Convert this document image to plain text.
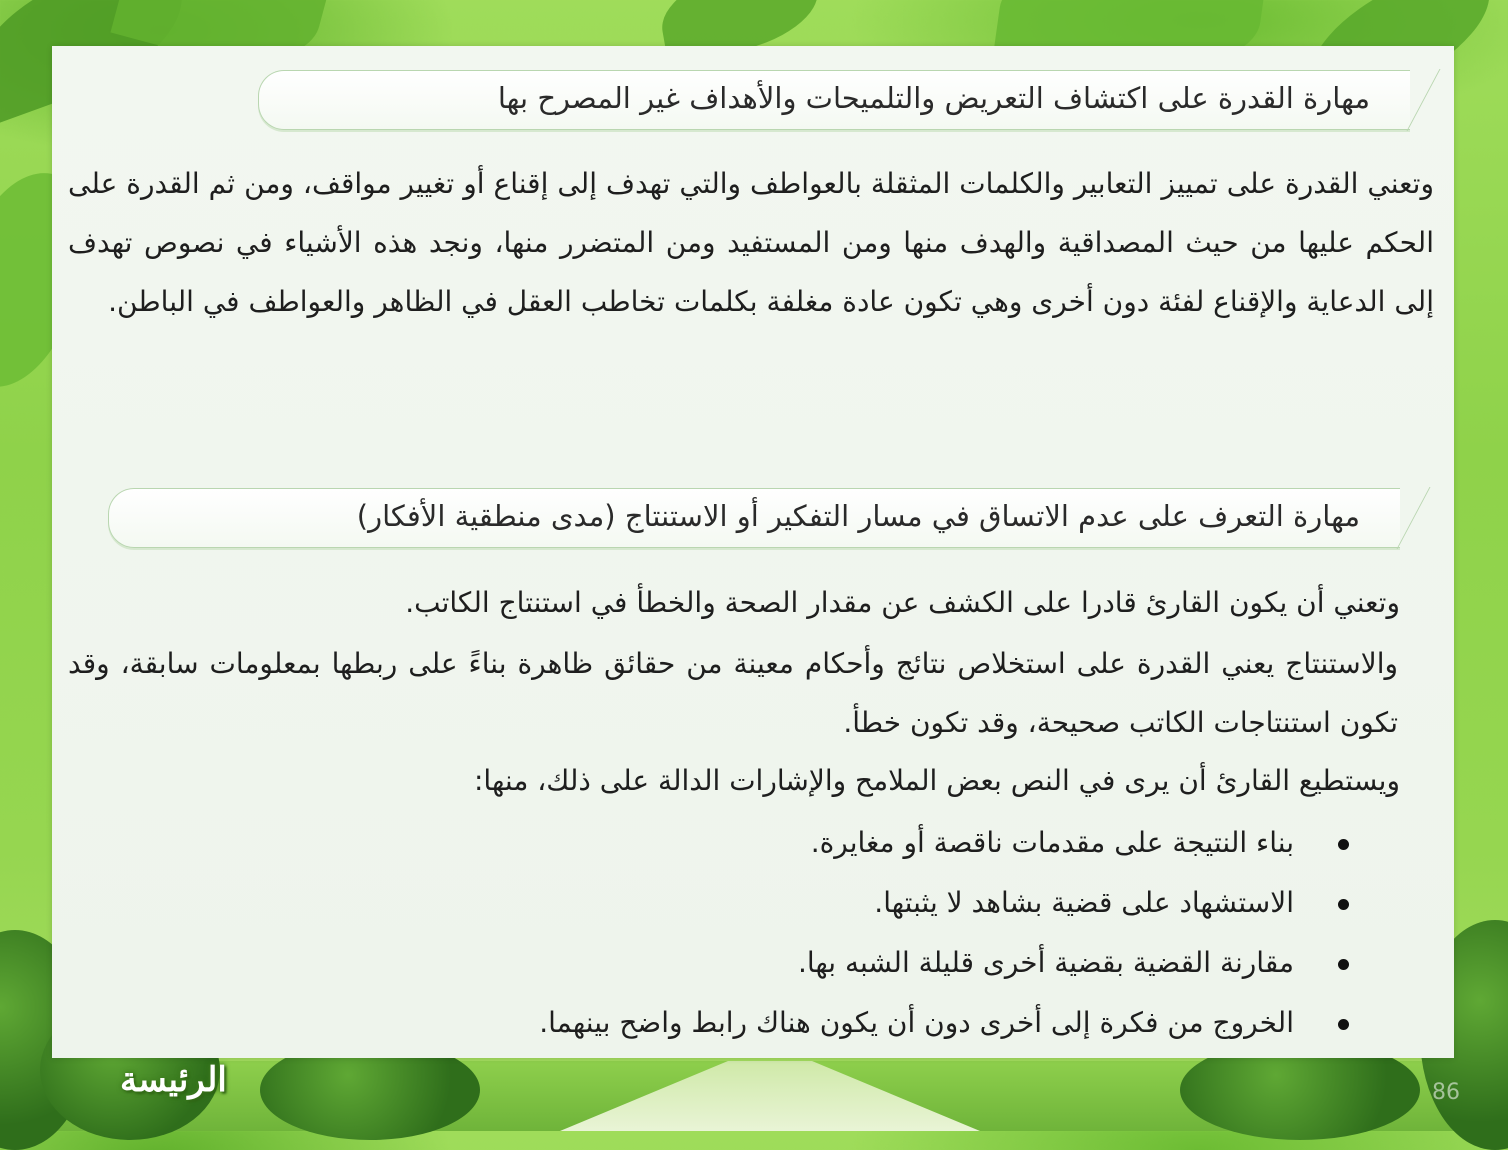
مهارة القدرة على اكتشاف التعريض والتلميحات والأهداف غير المصرح بها

وتعني القدرة على تمييز التعابير والكلمات المثقلة بالعواطف والتي تهدف إلى إقناع أو تغيير مواقف، ومن ثم القدرة على الحكم عليها من حيث المصداقية والهدف منها ومن المستفيد ومن المتضرر منها، ونجد هذه الأشياء في نصوص تهدف إلى الدعاية والإقناع لفئة دون أخرى وهي تكون عادة مغلفة بكلمات تخاطب العقل في الظاهر والعواطف في الباطن.

مهارة التعرف على عدم الاتساق في مسار التفكير أو الاستنتاج (مدى منطقية الأفكار)
وتعني أن يكون القارئ قادرا على الكشف عن مقدار الصحة والخطأ في استنتاج الكاتب.

والاستنتاج يعني القدرة على استخلاص نتائج وأحكام معينة من حقائق ظاهرة بناءً على ربطها بمعلومات سابقة، وقد تكون استنتاجات الكاتب صحيحة، وقد تكون خطأ.

ويستطيع القارئ أن يرى في النص بعض الملامح والإشارات الدالة على ذلك، منها:
بناء النتيجة على مقدمات ناقصة أو مغايرة.
الاستشهاد على قضية بشاهد لا يثبتها.
مقارنة القضية بقضية أخرى قليلة الشبه بها.
الخروج من فكرة إلى أخرى دون أن يكون هناك رابط واضح بينهما.
الرئيسة	86
